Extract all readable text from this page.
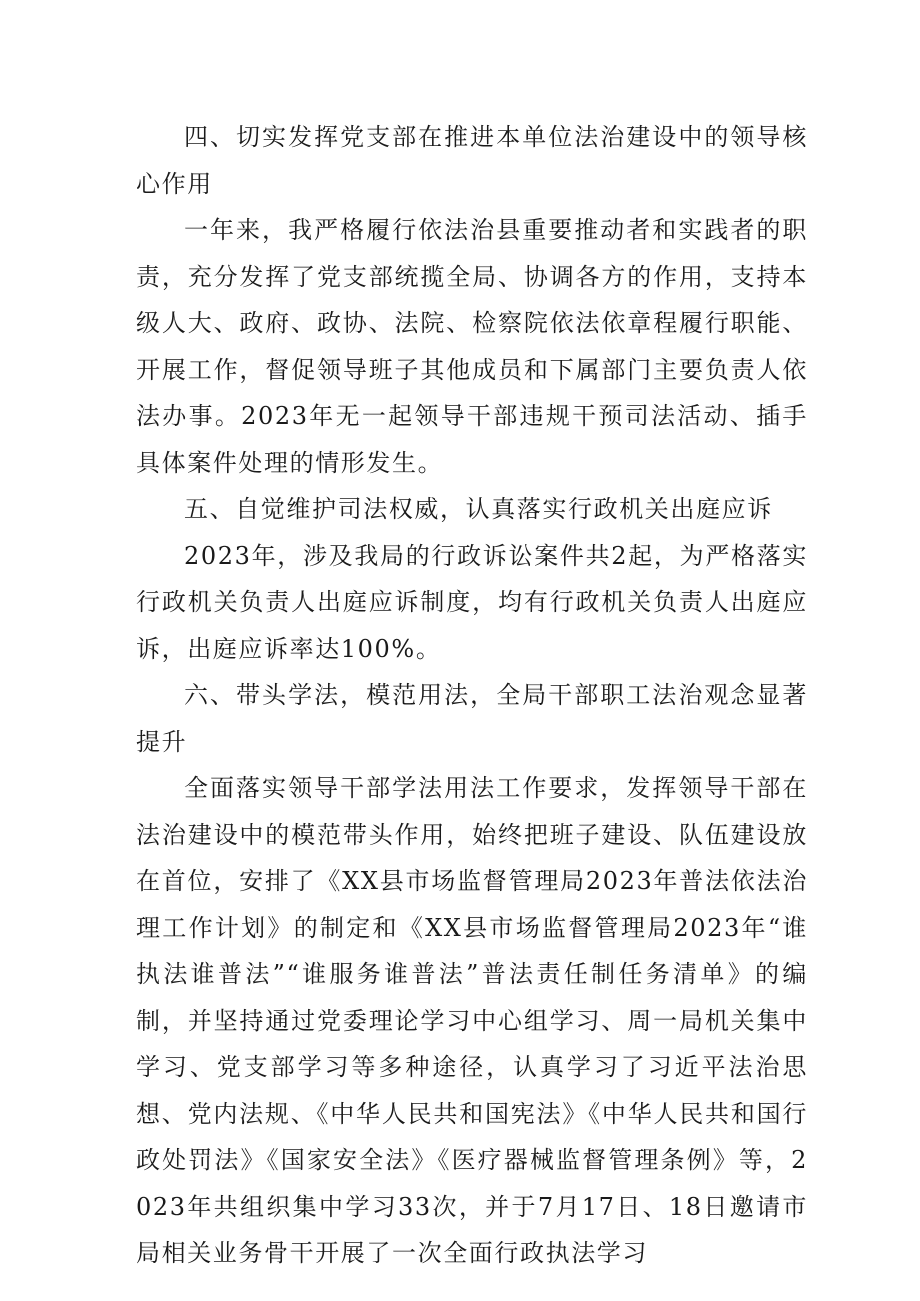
四、切实发挥党支部在推进本单位法治建设中的领导核心作用

一年来，我严格履行依法治县重要推动者和实践者的职责，充分发挥了党支部统揽全局、协调各方的作用，支持本级人大、政府、政协、法院、检察院依法依章程履行职能、开展工作，督促领导班子其他成员和下属部门主要负责人依法办事。2023年无一起领导干部违规干预司法活动、插手具体案件处理的情形发生。

五、自觉维护司法权威，认真落实行政机关出庭应诉

2023年，涉及我局的行政诉讼案件共2起，为严格落实行政机关负责人出庭应诉制度，均有行政机关负责人出庭应诉，出庭应诉率达100%。

六、带头学法，模范用法，全局干部职工法治观念显著提升

全面落实领导干部学法用法工作要求，发挥领导干部在法治建设中的模范带头作用，始终把班子建设、队伍建设放在首位，安排了《XX县市场监督管理局2023年普法依法治理工作计划》的制定和《XX县市场监督管理局2023年“谁执法谁普法”“谁服务谁普法”普法责任制任务清单》的编制，并坚持通过党委理论学习中心组学习、周一局机关集中学习、党支部学习等多种途径，认真学习了习近平法治思想、党内法规、《中华人民共和国宪法》《中华人民共和国行政处罚法》《国家安全法》《医疗器械监督管理条例》等，2023年共组织集中学习33次，并于7月17日、18日邀请市局相关业务骨干开展了一次全面行政执法学习
